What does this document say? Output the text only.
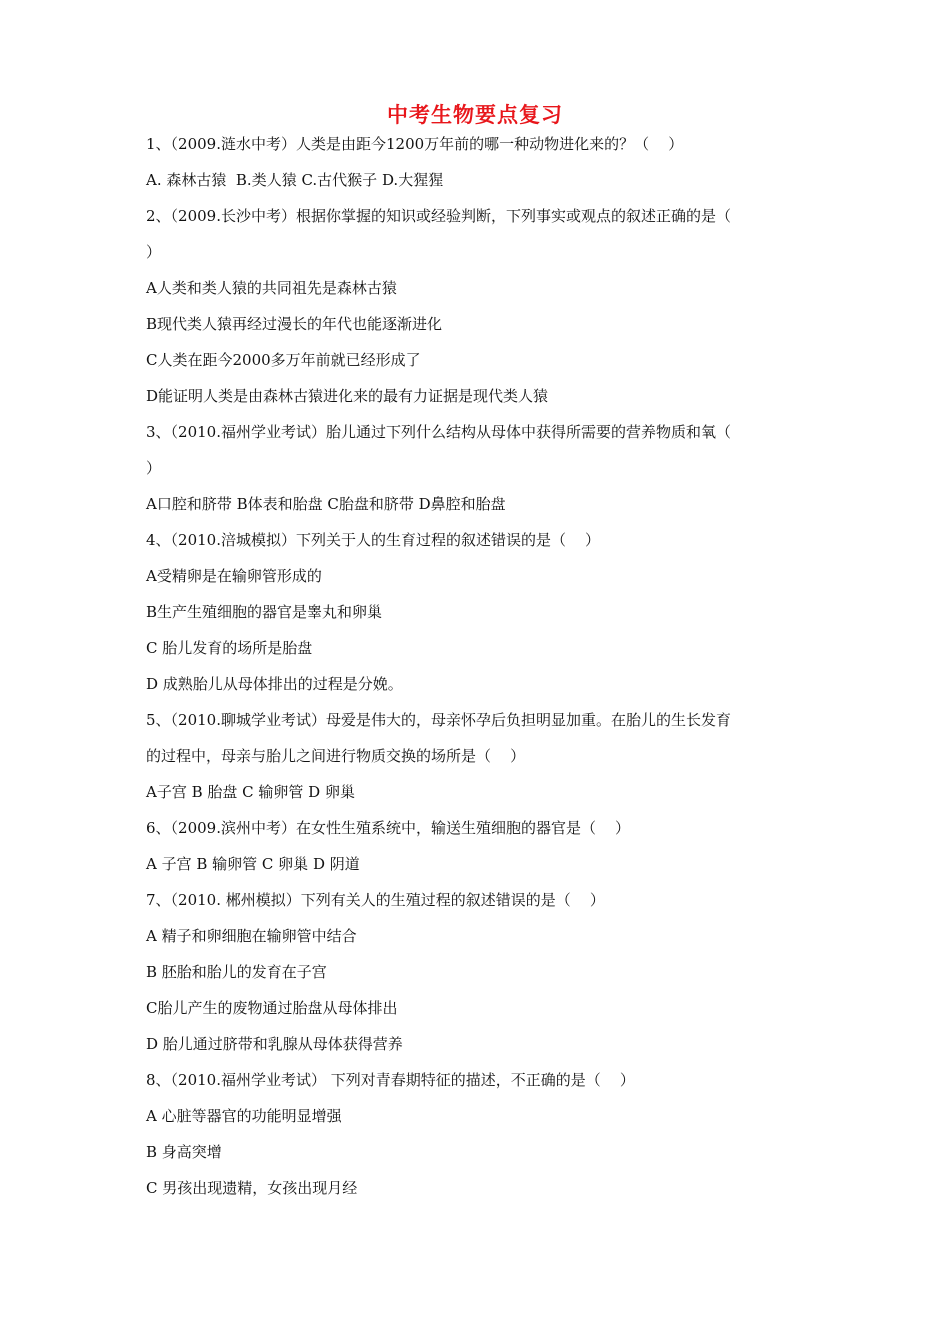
中考生物要点复习
1、（2009.涟水中考）人类是由距今1200万年前的哪一种动物进化来的？（    ）
A. 森林古猿  B.类人猿 C.古代猴子 D.大猩猩
2、（2009.长沙中考）根据你掌握的知识或经验判断，下列事实或观点的叙述正确的是（
）
A人类和类人猿的共同祖先是森林古猿
B现代类人猿再经过漫长的年代也能逐渐进化
C人类在距今2000多万年前就已经形成了
D能证明人类是由森林古猿进化来的最有力证据是现代类人猿
3、（2010.福州学业考试）胎儿通过下列什么结构从母体中获得所需要的营养物质和氧（
）
A口腔和脐带 B体表和胎盘 C胎盘和脐带 D鼻腔和胎盘
4、（2010.涪城模拟）下列关于人的生育过程的叙述错误的是（    ）
A受精卵是在输卵管形成的
B生产生殖细胞的器官是睾丸和卵巢
C 胎儿发育的场所是胎盘
D 成熟胎儿从母体排出的过程是分娩。
5、（2010.聊城学业考试）母爱是伟大的，母亲怀孕后负担明显加重。在胎儿的生长发育
的过程中，母亲与胎儿之间进行物质交换的场所是（    ）
A子宫 B 胎盘 C 输卵管 D 卵巢
6、（2009.滨州中考）在女性生殖系统中，输送生殖细胞的器官是（    ）
A 子宫 B 输卵管 C 卵巢 D 阴道
7、（2010. 郴州模拟）下列有关人的生殖过程的叙述错误的是（    ）
A 精子和卵细胞在输卵管中结合
B 胚胎和胎儿的发育在子宫
C胎儿产生的废物通过胎盘从母体排出
D 胎儿通过脐带和乳腺从母体获得营养
8、（2010.福州学业考试） 下列对青春期特征的描述，不正确的是（    ）
A 心脏等器官的功能明显增强
B 身高突增
C 男孩出现遗精，女孩出现月经
